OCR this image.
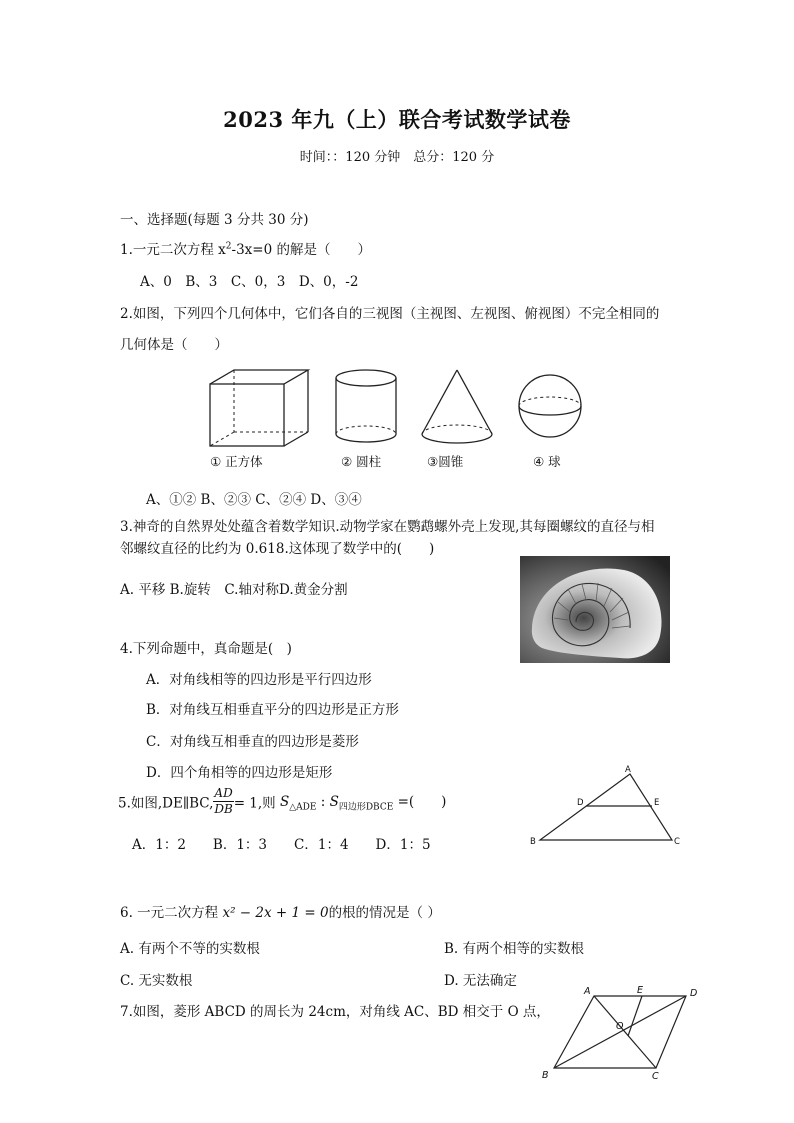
2023 年九（上）联合考试数学试卷
时间：：120 分钟　总分：120 分
一、选择题(每题 3 分共 30 分)
1.一元二次方程 $x^2-3x=0$ 的解是（　　）
A、0　B、3　C、0，3　D、0，-2
2.如图，下列四个几何体中，它们各自的三视图（主视图、左视图、俯视图）不完全相同的
几何体是（　　）
① 正方体	② 圆柱	③圆锥	④ 球
A、①② B、②③ C、②④ D、③④
3.神奇的自然界处处蕴含着数学知识.动物学家在鹦鹉螺外壳上发现,其每圈螺纹的直径与相
邻螺纹直径的比约为 0.618.这体现了数学中的(　　)
A. 平移 B.旋转　C.轴对称D.黄金分割
4.下列命题中，真命题是(　)
A．对角线相等的四边形是平行四边形
B．对角线互相垂直平分的四边形是正方形
C．对角线互相垂直的四边形是菱形
D．四个角相等的四边形是矩形
5.如图,DE∥BC, $\frac{AD}{DB} = 1$,则 $S_{\triangle ADE}$ : $S_{四边形DBCE}$ =(　　)
A．1：2　　B．1：3　　C．1：4　　D．1：5
A
D	E
B	C
6. 一元二次方程 x² − 2x + 1 = 0的根的情况是（ ）
A. 有两个不等的实数根	B. 有两个相等的实数根
C. 无实数根	D. 无法确定
7.如图，菱形 ABCD 的周长为 24cm，对角线 AC、BD 相交于 O 点，
A	E	D
O
B	C
